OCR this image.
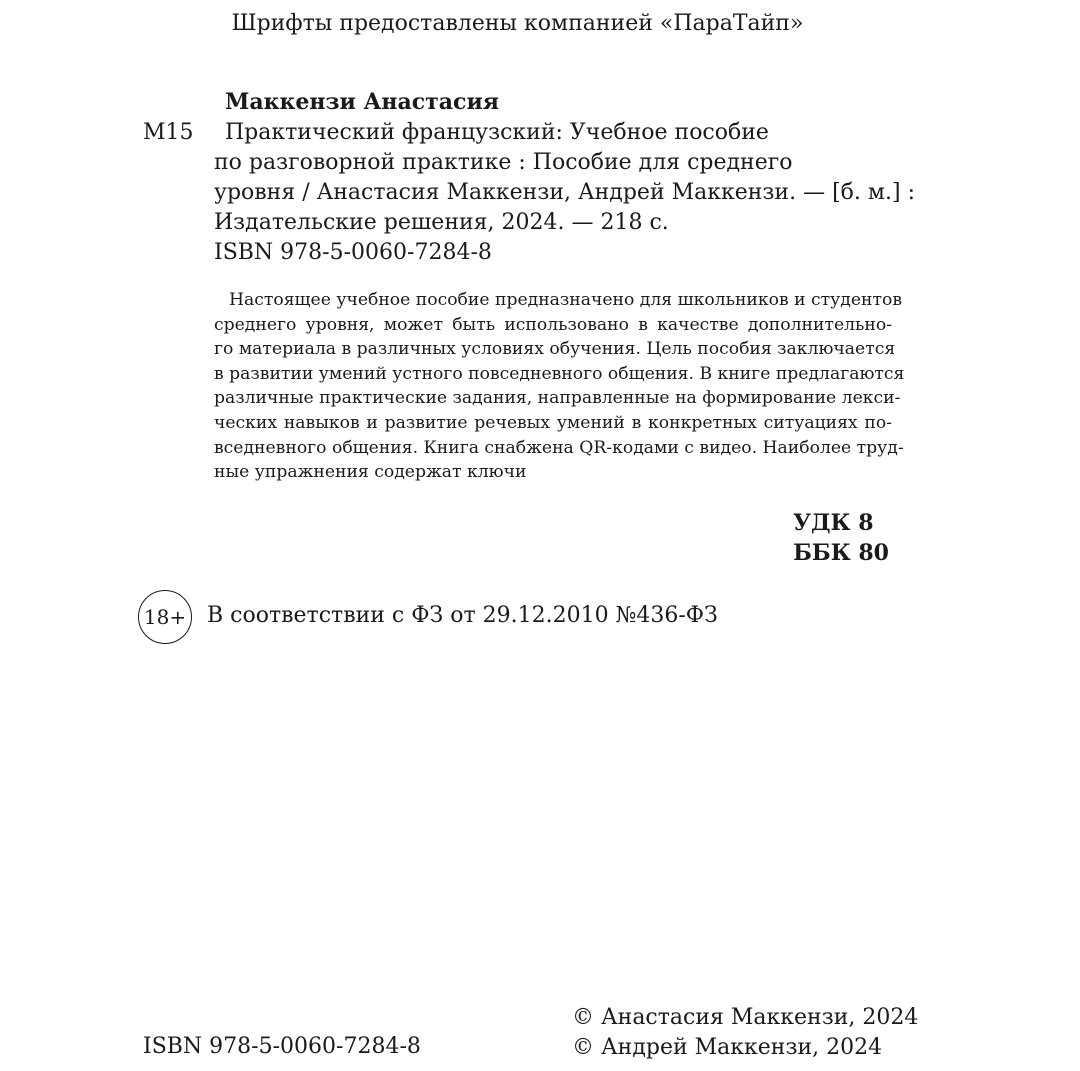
Шрифты предоставлены компанией «ПараТайп»
Маккензи Анастасия
М15	Практический французский: Учебное пособие
по разговорной практике : Пособие для среднего
уровня / Анастасия Маккензи, Андрей Маккензи. — [б. м.] :
Издательские решения, 2024. — 218 с.
ISBN 978-5-0060-7284-8
Настоящее учебное пособие предназначено для школьников и студентов
среднего уровня, может быть использовано в качестве дополнительно-
го материала в различных условиях обучения. Цель пособия заключается
в развитии умений устного повседневного общения. В книге предлагаются
различные практические задания, направленные на формирование лекси-
ческих навыков и развитие речевых умений в конкретных ситуациях по-
вседневного общения. Книга снабжена QR-кодами с видео. Наиболее труд-
ные упражнения содержат ключи
УДК 8
ББК 80
18+ В соответствии с ФЗ от 29.12.2010 №436-ФЗ
ISBN 978-5-0060-7284-8
© Анастасия Маккензи, 2024
© Андрей Маккензи, 2024
